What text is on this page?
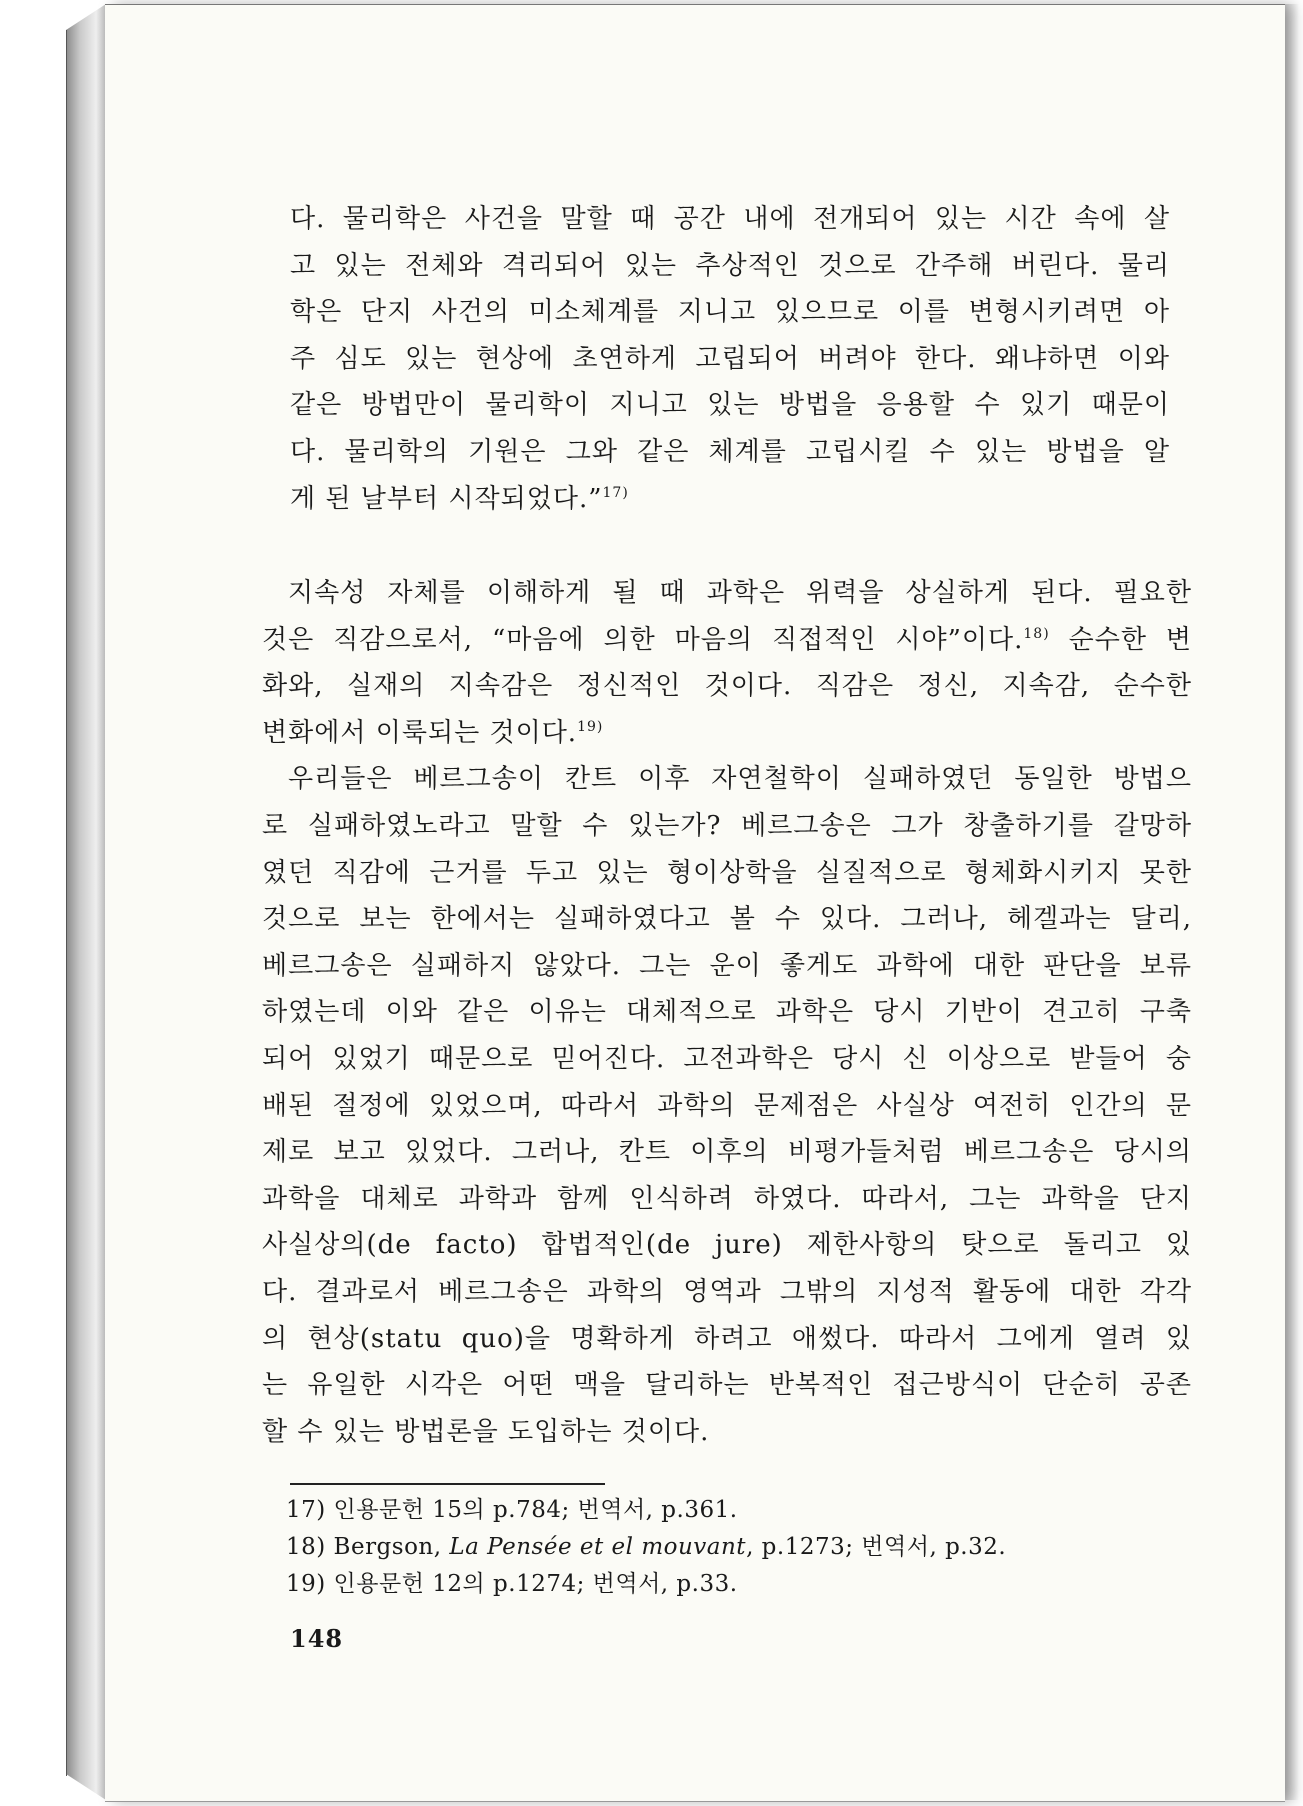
다. 물리학은 사건을 말할 때 공간 내에 전개되어 있는 시간 속에 살
고 있는 전체와 격리되어 있는 추상적인 것으로 간주해 버린다. 물리
학은 단지 사건의 미소체계를 지니고 있으므로 이를 변형시키려면 아
주 심도 있는 현상에 초연하게 고립되어 버려야 한다. 왜냐하면 이와
같은 방법만이 물리학이 지니고 있는 방법을 응용할 수 있기 때문이
다. 물리학의 기원은 그와 같은 체계를 고립시킬 수 있는 방법을 알
게 된 날부터 시작되었다.”$^{17)}$
지속성 자체를 이해하게 될 때 과학은 위력을 상실하게 된다. 필요한
것은 직감으로서, “마음에 의한 마음의 직접적인 시야”이다.$^{18)}$ 순수한 변
화와, 실재의 지속감은 정신적인 것이다. 직감은 정신, 지속감, 순수한
변화에서 이룩되는 것이다.$^{19)}$
우리들은 베르그송이 칸트 이후 자연철학이 실패하였던 동일한 방법으
로 실패하였노라고 말할 수 있는가? 베르그송은 그가 창출하기를 갈망하
였던 직감에 근거를 두고 있는 형이상학을 실질적으로 형체화시키지 못한
것으로 보는 한에서는 실패하였다고 볼 수 있다. 그러나, 헤겔과는 달리,
베르그송은 실패하지 않았다. 그는 운이 좋게도 과학에 대한 판단을 보류
하였는데 이와 같은 이유는 대체적으로 과학은 당시 기반이 견고히 구축
되어 있었기 때문으로 믿어진다. 고전과학은 당시 신 이상으로 받들어 숭
배된 절정에 있었으며, 따라서 과학의 문제점은 사실상 여전히 인간의 문
제로 보고 있었다. 그러나, 칸트 이후의 비평가들처럼 베르그송은 당시의
과학을 대체로 과학과 함께 인식하려 하였다. 따라서, 그는 과학을 단지
사실상의(de facto) 합법적인(de jure) 제한사항의 탓으로 돌리고 있
다. 결과로서 베르그송은 과학의 영역과 그밖의 지성적 활동에 대한 각각
의 현상(statu quo)을 명확하게 하려고 애썼다. 따라서 그에게 열려 있
는 유일한 시각은 어떤 맥을 달리하는 반복적인 접근방식이 단순히 공존
할 수 있는 방법론을 도입하는 것이다.
17) 인용문헌 15의 p.784; 번역서, p.361.
18) Bergson, La Pensée et el mouvant, p.1273; 번역서, p.32.
19) 인용문헌 12의 p.1274; 번역서, p.33.
148
